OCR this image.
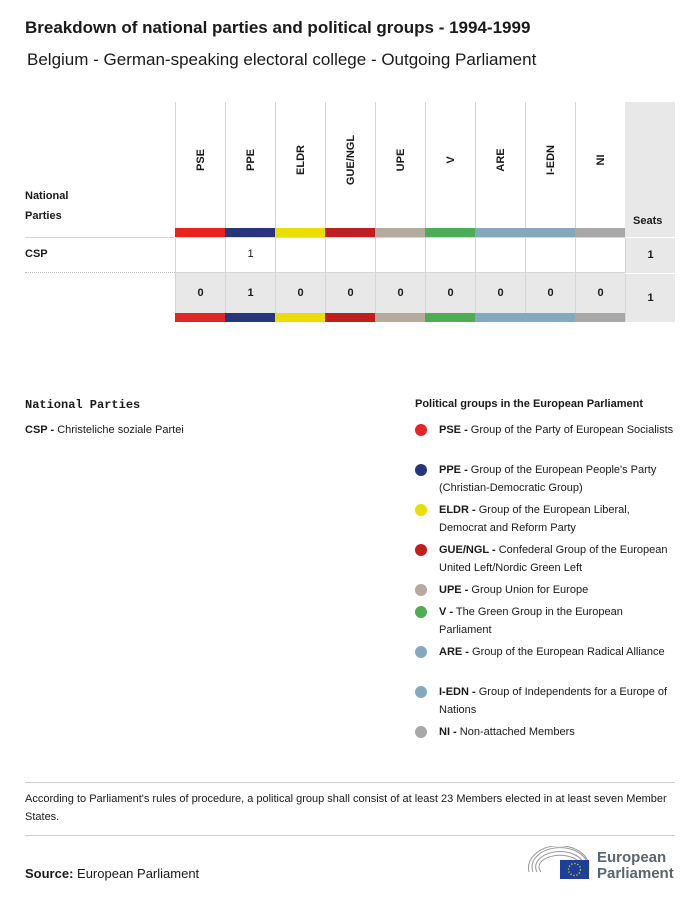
Breakdown of national parties and political groups - 1994-1999
Belgium - German-speaking electoral college - Outgoing Parliament
Seats
PSE
0
PPE
1
1
ELDR
0
GUE/NGL
0
UPE
0
V
0
ARE
0
I-EDN
0
NI
0
CSP	1
1
National Parties
National Parties
CSP - Christeliche soziale Partei
Political groups in the European Parliament
PSE - Group of the Party of European Socialists
PPE - Group of the European People's Party (Christian-Democratic Group)
ELDR - Group of the European Liberal, Democrat and Reform Party
GUE/NGL - Confederal Group of the European United Left/Nordic Green Left
UPE - Group Union for Europe
V - The Green Group in the European Parliament
ARE - Group of the European Radical Alliance
I-EDN - Group of Independents for a Europe of Nations
NI - Non-attached Members
According to Parliament's rules of procedure, a political group shall consist of at least 23 Members elected in at least seven Member States.
Source: European Parliament
European
Parliament
